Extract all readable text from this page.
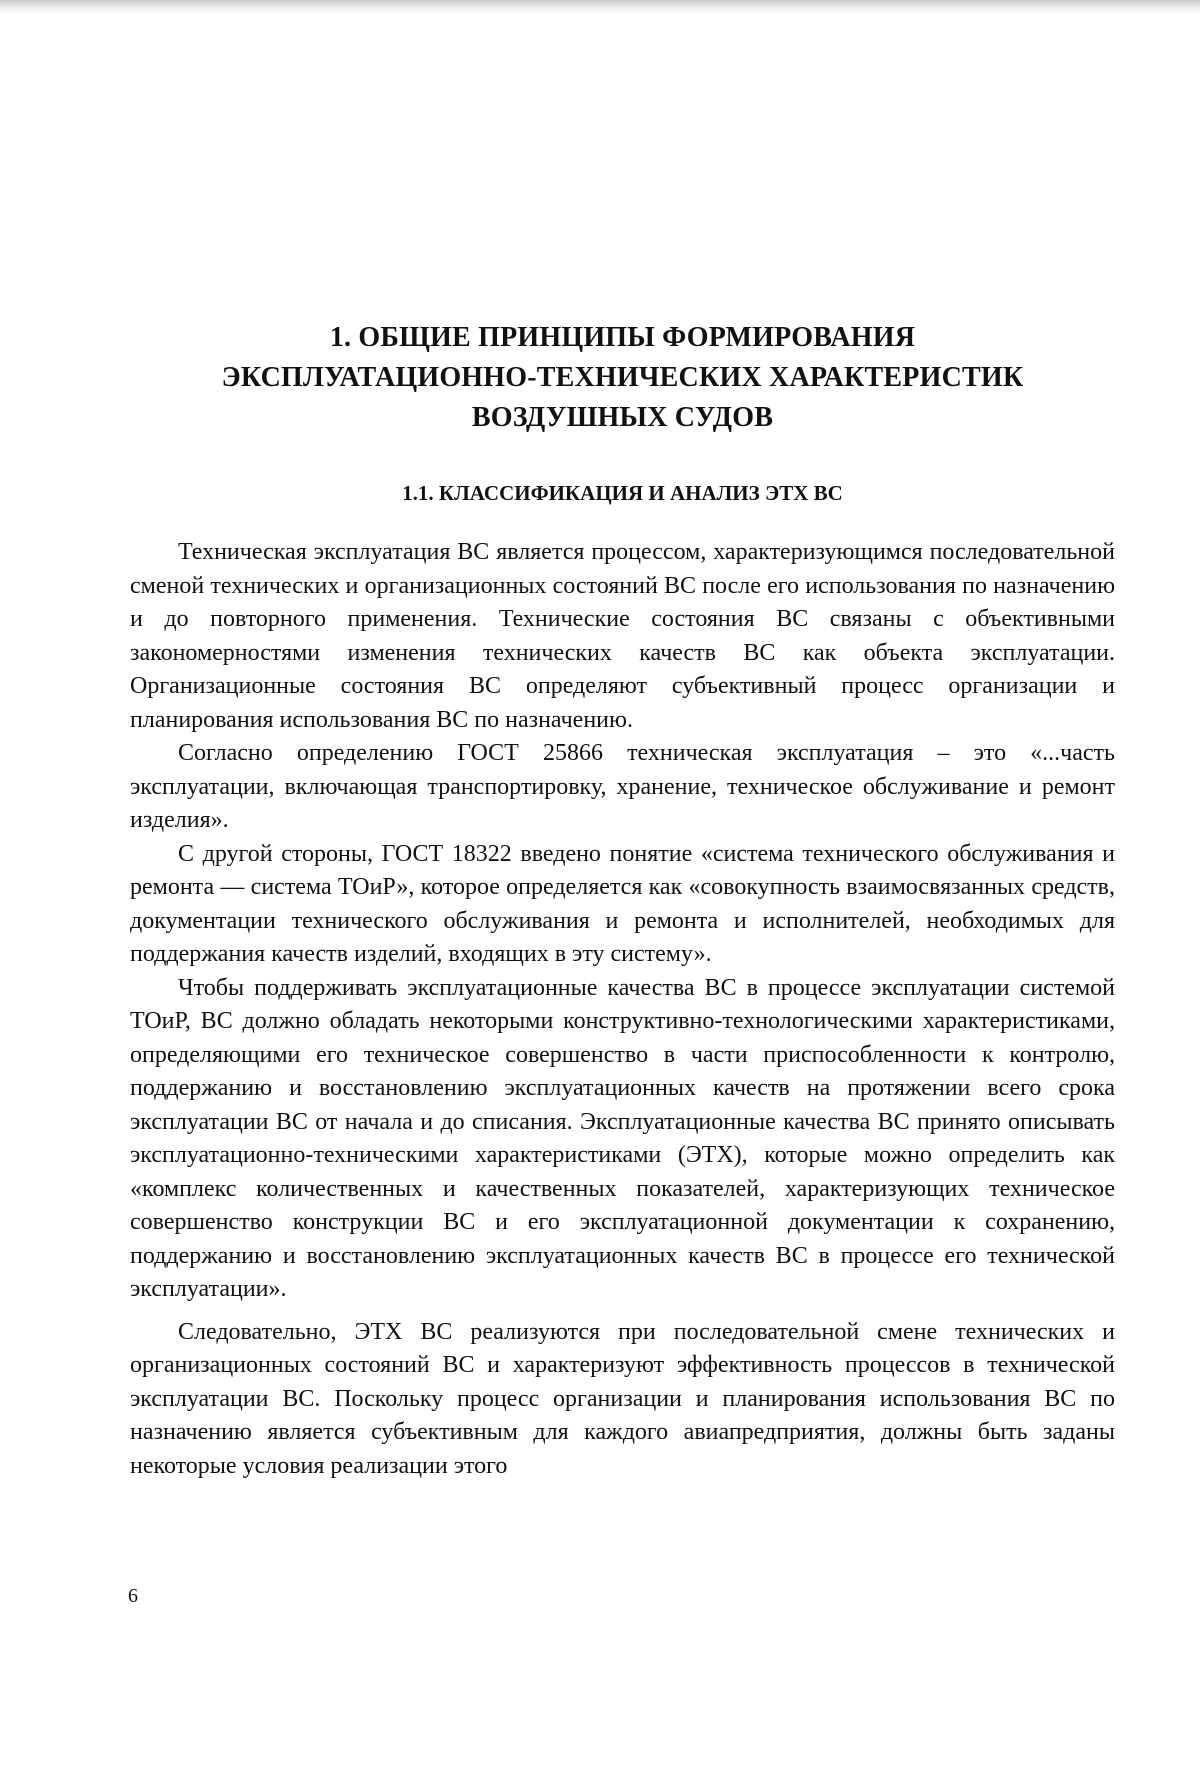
1. ОБЩИЕ ПРИНЦИПЫ ФОРМИРОВАНИЯ
ЭКСПЛУАТАЦИОННО-ТЕХНИЧЕСКИХ ХАРАКТЕРИСТИК
ВОЗДУШНЫХ СУДОВ
1.1. КЛАССИФИКАЦИЯ И АНАЛИЗ ЭТХ ВС

Техническая эксплуатация ВС является процессом, характеризующимся последовательной сменой технических и организационных состояний ВС после его использования по назначению и до повторного применения. Технические состояния ВС связаны с объективными закономерностями изменения технических качеств ВС как объекта эксплуатации. Организационные состояния ВС определяют субъективный процесс организации и планирования использования ВС по назначению.

Согласно определению ГОСТ 25866 техническая эксплуатация – это «...часть эксплуатации, включающая транспортировку, хранение, техническое обслуживание и ремонт изделия».

С другой стороны, ГОСТ 18322 введено понятие «система технического обслуживания и ремонта — система ТОиР», которое определяется как «совокупность взаимосвязанных средств, документации технического обслуживания и ремонта и исполнителей, необходимых для поддержания качеств изделий, входящих в эту систему».

Чтобы поддерживать эксплуатационные качества ВС в процессе эксплуатации системой ТОиР, ВС должно обладать некоторыми конструктивно-технологическими характеристиками, определяющими его техническое совершенство в части приспособленности к контролю, поддержанию и восстановлению эксплуатационных качеств на протяжении всего срока эксплуатации ВС от начала и до списания. Эксплуатационные качества ВС принято описывать эксплуатационно-техническими характеристиками (ЭТХ), которые можно определить как «комплекс количественных и качественных показателей, характеризующих техническое совершенство конструкции ВС и его эксплуатационной документации к сохранению, поддержанию и восстановлению эксплуатационных качеств ВС в процессе его технической эксплуатации».

Следовательно, ЭТХ ВС реализуются при последовательной смене технических и организационных состояний ВС и характеризуют эффективность процессов в технической эксплуатации ВС. Поскольку процесс организации и планирования использования ВС по назначению является субъективным для каждого авиапредприятия, должны быть заданы некоторые условия реализации этого

6
